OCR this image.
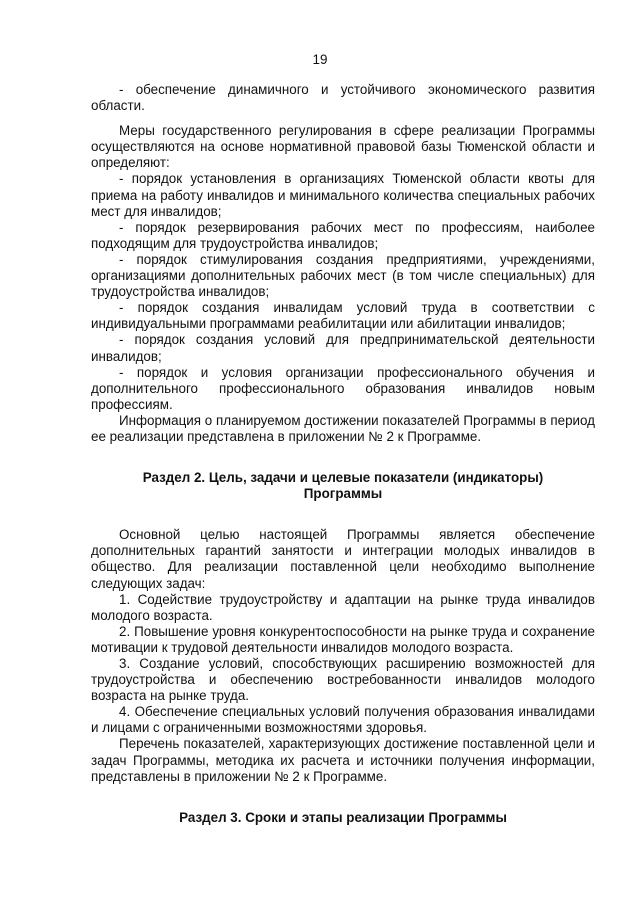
19

- обеспечение динамичного и устойчивого экономического развития области.

Меры государственного регулирования в сфере реализации Программы осуществляются на основе нормативной правовой базы Тюменской области и определяют:

- порядок установления в организациях Тюменской области квоты для приема на работу инвалидов и минимального количества специальных рабочих мест для инвалидов;

- порядок резервирования рабочих мест по профессиям, наиболее подходящим для трудоустройства инвалидов;

- порядок стимулирования создания предприятиями, учреждениями, организациями дополнительных рабочих мест (в том числе специальных) для трудоустройства инвалидов;

- порядок создания инвалидам условий труда в соответствии с индивидуальными программами реабилитации или абилитации инвалидов;

- порядок создания условий для предпринимательской деятельности инвалидов;

- порядок и условия организации профессионального обучения и дополнительного профессионального образования инвалидов новым профессиям.

Информация о планируемом достижении показателей Программы в период ее реализации представлена в приложении № 2 к Программе.

Раздел 2. Цель, задачи и целевые показатели (индикаторы) Программы

Основной целью настоящей Программы является обеспечение дополнительных гарантий занятости и интеграции молодых инвалидов в общество. Для реализации поставленной цели необходимо выполнение следующих задач:

1. Содействие трудоустройству и адаптации на рынке труда инвалидов молодого возраста.

2. Повышение уровня конкурентоспособности на рынке труда и сохранение мотивации к трудовой деятельности инвалидов молодого возраста.

3. Создание условий, способствующих расширению возможностей для трудоустройства и обеспечению востребованности инвалидов молодого возраста на рынке труда.

4. Обеспечение специальных условий получения образования инвалидами и лицами с ограниченными возможностями здоровья.

Перечень показателей, характеризующих достижение поставленной цели и задач Программы, методика их расчета и источники получения информации, представлены в приложении № 2 к Программе.

Раздел 3. Сроки и этапы реализации Программы
